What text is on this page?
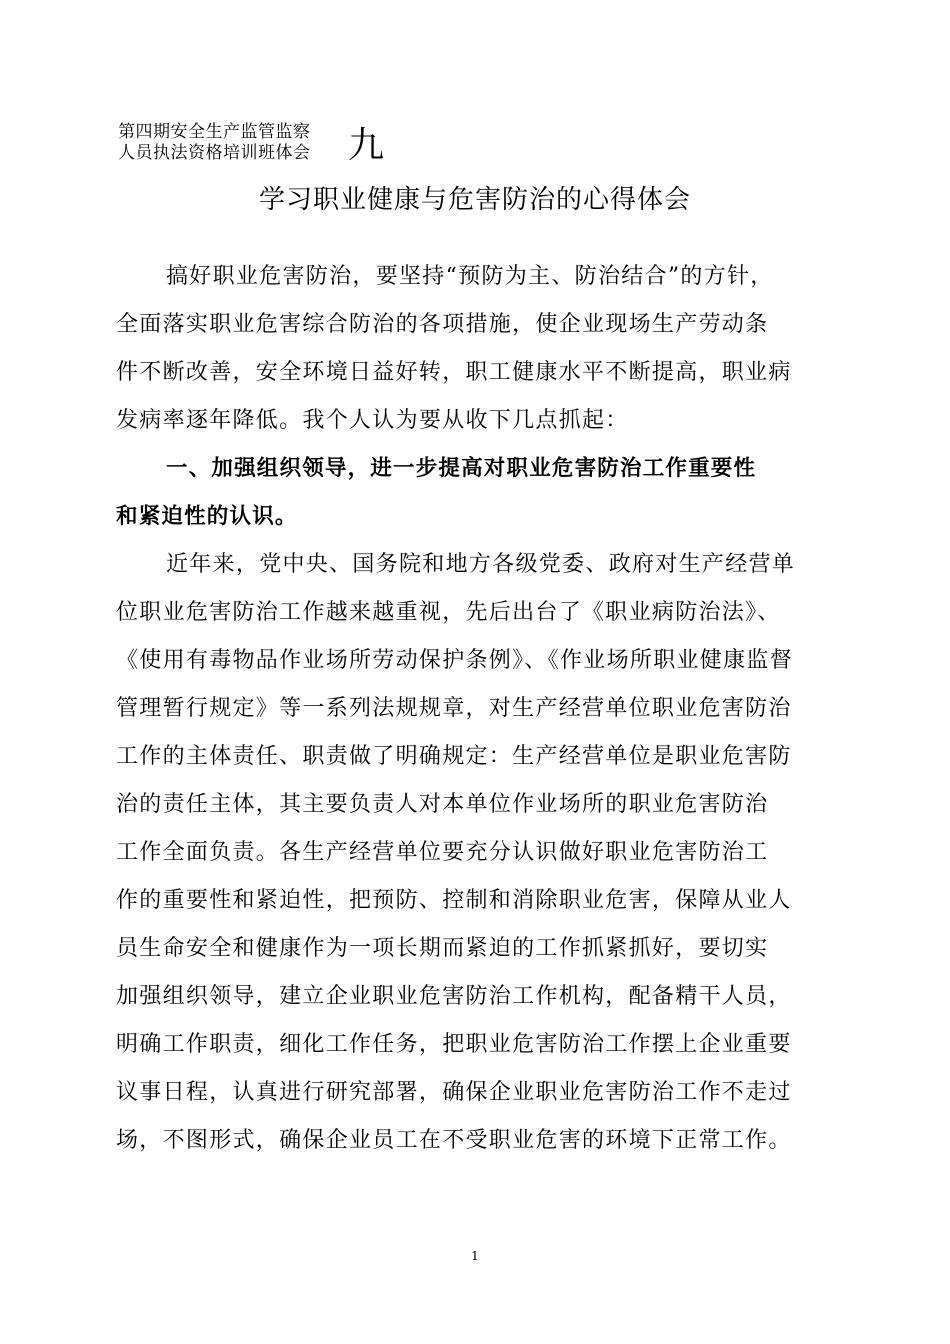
第四期安全生产监管监察
人员执法资格培训班体会	九
学习职业健康与危害防治的心得体会
搞好职业危害防治，要坚持“预防为主、防治结合”的方针，
全面落实职业危害综合防治的各项措施，使企业现场生产劳动条
件不断改善，安全环境日益好转，职工健康水平不断提高，职业病
发病率逐年降低。我个人认为要从收下几点抓起：
一、加强组织领导，进一步提高对职业危害防治工作重要性
和紧迫性的认识。
近年来，党中央、国务院和地方各级党委、政府对生产经营单
位职业危害防治工作越来越重视，先后出台了《职业病防治法》、
《使用有毒物品作业场所劳动保护条例》、《作业场所职业健康监督
管理暂行规定》等一系列法规规章，对生产经营单位职业危害防治
工作的主体责任、职责做了明确规定：生产经营单位是职业危害防
治的责任主体，其主要负责人对本单位作业场所的职业危害防治
工作全面负责。各生产经营单位要充分认识做好职业危害防治工
作的重要性和紧迫性，把预防、控制和消除职业危害，保障从业人
员生命安全和健康作为一项长期而紧迫的工作抓紧抓好，要切实
加强组织领导，建立企业职业危害防治工作机构，配备精干人员，
明确工作职责，细化工作任务，把职业危害防治工作摆上企业重要
议事日程，认真进行研究部署，确保企业职业危害防治工作不走过
场，不图形式，确保企业员工在不受职业危害的环境下正常工作。
1
